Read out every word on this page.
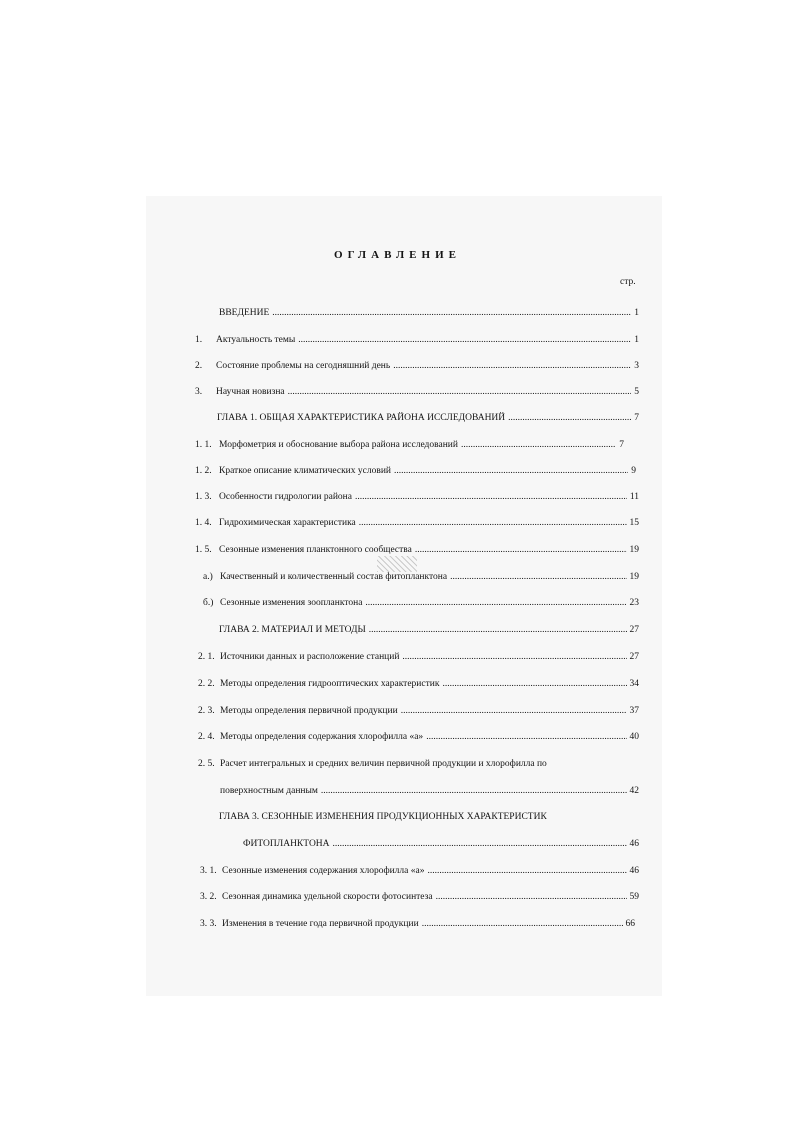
ОГЛАВЛЕНИЕ
стр.
ВВЕДЕНИЕ .....	1
1.	Актуальность темы .....	1
2.	Состояние проблемы на сегодняшний день .....	3
3.	Научная новизна .....	5
ГЛАВА 1. ОБЩАЯ ХАРАКТЕРИСТИКА РАЙОНА ИССЛЕДОВАНИЙ .....	7
1. 1. Морфометрия и обоснование выбора района исследований .....	7
1. 2. Краткое описание климатических условий .....	9
1. 3. Особенности гидрологии района .....	11
1. 4. Гидрохимическая характеристика .....	15
1. 5. Сезонные изменения планктонного сообщества .....	19
а.) Качественный и количественный состав фитопланктона .....	19
б.) Сезонные изменения зоопланктона .....	23
ГЛАВА 2. МАТЕРИАЛ И МЕТОДЫ .....	27
2. 1. Источники данных и расположение станций .....	27
2. 2. Методы определения гидрооптических характеристик .....	34
2. 3. Методы определения первичной продукции .....	37
2. 4. Методы определения содержания хлорофилла «а» .....	40
2. 5. Расчет интегральных и средних величин первичной продукции и хлорофилла по
поверхностным данным .....	42
ГЛАВА 3. СЕЗОННЫЕ ИЗМЕНЕНИЯ ПРОДУКЦИОННЫХ ХАРАКТЕРИСТИК
ФИТОПЛАНКТОНА .....	46
3. 1. Сезонные изменения содержания хлорофилла «а» .....	46
3. 2. Сезонная динамика удельной скорости фотосинтеза .....	59
3. 3. Изменения в течение года первичной продукции .....	66
